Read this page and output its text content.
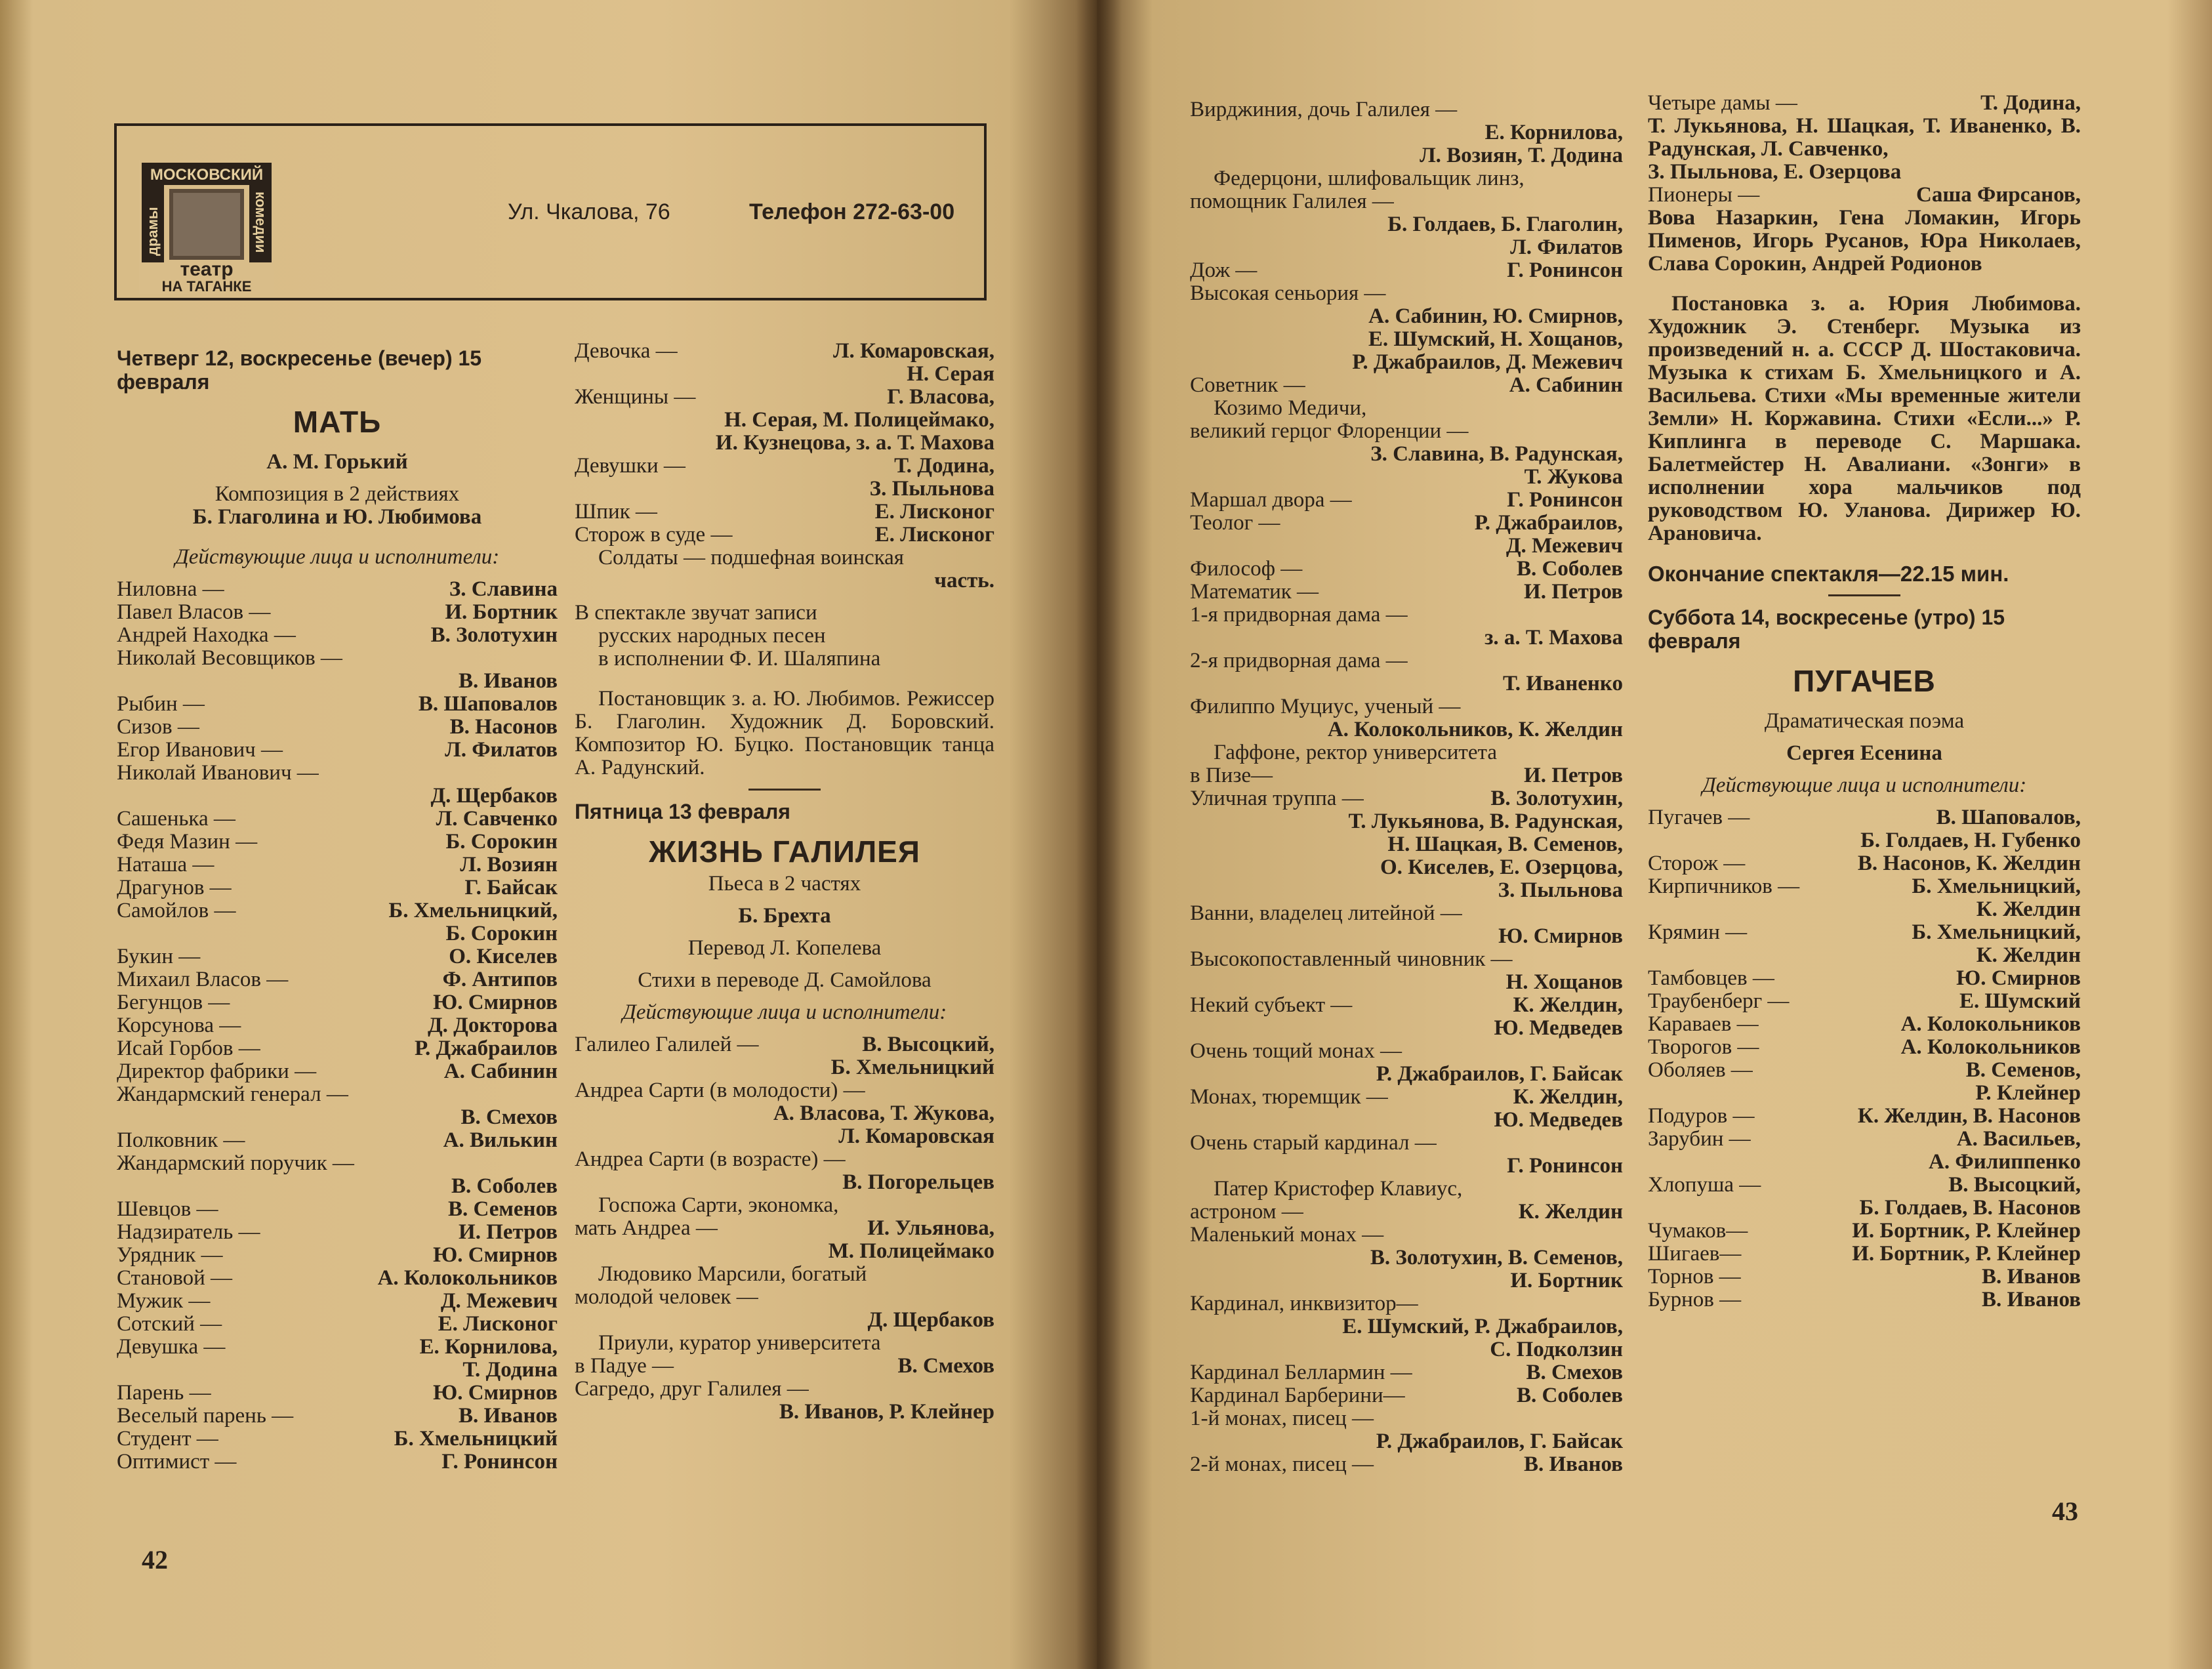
МОСКОВСКИЙ
драмы	комедии
театр
НА ТАГАНКЕ
Ул. Чкалова, 76	Телефон 272-63-00
Четверг 12, воскресенье (вечер) 15 февраля
МАТЬ
А. М. Горький
Композиция в 2 действиях
Б. Глаголина и Ю. Любимова
Действующие лица и исполнители:
Ниловна —	З. Славина
Павел Власов —	И. Бортник
Андрей Находка —	В. Золотухин
Николай Весовщиков —
В. Иванов
Рыбин —	В. Шаповалов
Сизов —	В. Насонов
Егор Иванович —	Л. Филатов
Николай Иванович —
Д. Щербаков
Сашенька —	Л. Савченко
Федя Мазин —	Б. Сорокин
Наташа —	Л. Возиян
Драгунов —	Г. Байсак
Самойлов —	Б. Хмельницкий,
Б. Сорокин
Букин —	О. Киселев
Михаил Власов —	Ф. Антипов
Бегунцов —	Ю. Смирнов
Корсунова —	Д. Докторова
Исай Горбов —	Р. Джабраилов
Директор фабрики —	А. Сабинин
Жандармский генерал —
В. Смехов
Полковник —	А. Вилькин
Жандармский поручик —
В. Соболев
Шевцов —	В. Семенов
Надзиратель —	И. Петров
Урядник —	Ю. Смирнов
Становой —	А. Колокольников
Мужик —	Д. Межевич
Сотский —	Е. Лисконог
Девушка —	Е. Корнилова,
Т. Додина
Парень —	Ю. Смирнов
Веселый парень —	В. Иванов
Студент —	Б. Хмельницкий
Оптимист —	Г. Ронинсон
Девочка —	Л. Комаровская,
Н. Серая
Женщины —	Г. Власова,
Н. Серая, М. Полицеймако,
И. Кузнецова, з. а. Т. Махова
Девушки —	Т. Додина,
З. Пыльнова
Шпик —	Е. Лисконог
Сторож в суде —	Е. Лисконог
Солдаты — подшефная воинская
часть.
В спектакле звучат записи
русских народных песен
в исполнении Ф. И. Шаляпина
Постановщик з. а. Ю. Любимов. Режиссер Б. Глаголин. Художник Д. Боровский. Композитор Ю. Буцко. Постановщик танца А. Радунский.
Пятница 13 февраля
ЖИЗНЬ ГАЛИЛЕЯ
Пьеса в 2 частях
Б. Брехта
Перевод Л. Копелева
Стихи в переводе Д. Самойлова
Действующие лица и исполнители:
Галилео Галилей —	В. Высоцкий,
Б. Хмельницкий
Андреа Сарти (в молодости) —
А. Власова, Т. Жукова,
Л. Комаровская
Андреа Сарти (в возрасте) —
В. Погорельцев
Госпожа Сарти, экономка,
мать Андреа —	И. Ульянова,
М. Полицеймако
Людовико Марсили, богатый
молодой человек —
Д. Щербаков
Приули, куратор университета
в Падуе —	В. Смехов
Сагредо, друг Галилея —
В. Иванов, Р. Клейнер
42
Вирджиния, дочь Галилея —
Е. Корнилова,
Л. Возиян, Т. Додина
Федерцони, шлифовальщик линз,
помощник Галилея —
Б. Голдаев, Б. Глаголин,
Л. Филатов
Дож —	Г. Ронинсон
Высокая сеньория —
А. Сабинин, Ю. Смирнов,
Е. Шумский, Н. Хощанов,
Р. Джабраилов, Д. Межевич
Советник —	А. Сабинин
Козимо Медичи,
великий герцог Флоренции —
З. Славина, В. Радунская,
Т. Жукова
Маршал двора —	Г. Ронинсон
Теолог —	Р. Джабраилов,
Д. Межевич
Философ —	В. Соболев
Математик —	И. Петров
1-я придворная дама —
з. а. Т. Махова
2-я придворная дама —
Т. Иваненко
Филиппо Муциус, ученый —
А. Колокольников, К. Желдин
Гаффоне, ректор университета
в Пизе—	И. Петров
Уличная труппа —	В. Золотухин,
Т. Лукьянова, В. Радунская,
Н. Шацкая, В. Семенов,
О. Киселев, Е. Озерцова,
З. Пыльнова
Ванни, владелец литейной —
Ю. Смирнов
Высокопоставленный чиновник —
Н. Хощанов
Некий субъект —	К. Желдин,
Ю. Медведев
Очень тощий монах —
Р. Джабраилов, Г. Байсак
Монах, тюремщик —	К. Желдин,
Ю. Медведев
Очень старый кардинал —
Г. Ронинсон
Патер Кристофер Клавиус,
астроном —	К. Желдин
Маленький монах —
В. Золотухин, В. Семенов,
И. Бортник
Кардинал, инквизитор—
Е. Шумский, Р. Джабраилов,
С. Подколзин
Кардинал Беллармин —	В. Смехов
Кардинал Барберини—	В. Соболев
1-й монах, писец —
Р. Джабраилов, Г. Байсак
2-й монах, писец —	В. Иванов
Четыре дамы —	Т. Додина,
Т. Лукьянова, Н. Шацкая, Т. Иваненко, В. Радунская, Л. Савченко,
З. Пыльнова, Е. Озерцова
Пионеры —	Саша Фирсанов,
Вова Назаркин, Гена Ломакин, Игорь Пименов, Игорь Русанов, Юра Николаев, Слава Сорокин, Андрей Родионов
Постановка з. а. Юрия Любимова. Художник Э. Стенберг. Музыка из произведений н. а. СССР Д. Шостаковича. Музыка к стихам Б. Хмельницкого и А. Васильева. Стихи «Мы временные жители Земли» Н. Коржавина. Стихи «Если...» Р. Киплинга в переводе С. Маршака. Балетмейстер Н. Авалиани. «Зонги» в исполнении хора мальчиков под руководством Ю. Уланова. Дирижер Ю. Арановича.
Окончание спектакля—22.15 мин.
Суббота 14, воскресенье (утро) 15 февраля
ПУГАЧЕВ
Драматическая поэма
Сергея Есенина
Действующие лица и исполнители:
Пугачев —	В. Шаповалов,
Б. Голдаев, Н. Губенко
Сторож —	В. Насонов, К. Желдин
Кирпичников —	Б. Хмельницкий,
К. Желдин
Крямин —	Б. Хмельницкий,
К. Желдин
Тамбовцев —	Ю. Смирнов
Траубенберг —	Е. Шумский
Караваев —	А. Колокольников
Творогов —	А. Колокольников
Оболяев —	В. Семенов,
Р. Клейнер
Подуров —	К. Желдин, В. Насонов
Зарубин —	А. Васильев,
А. Филиппенко
Хлопуша —	В. Высоцкий,
Б. Голдаев, В. Насонов
Чумаков—	И. Бортник, Р. Клейнер
Шигаев—	И. Бортник, Р. Клейнер
Торнов —	В. Иванов
Бурнов —	В. Иванов
43
